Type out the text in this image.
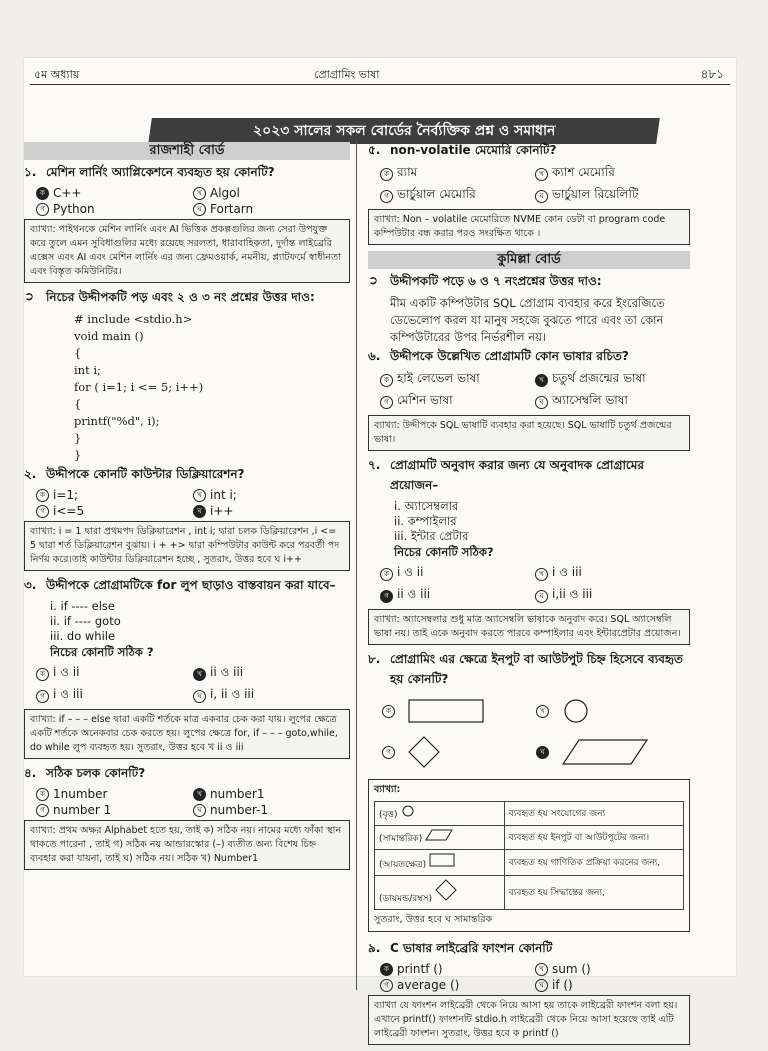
৫ম অধ্যায়	প্রোগ্রামিং ভাষা	৪৮১
২০২৩ সালের সকল বোর্ডের নৈর্ব্যক্তিক প্রশ্ন ও সমাধান
রাজশাহী বোর্ড
১. মেশিন লার্নিং অ্যাপ্লিকেশনে ব্যবহৃত হয় কোনটি?
ক C++	খ Algol
গ Python	ঘ Fortarn
ব্যাখ্যা: পাইথনকে মেশিন লার্নিং এবং AI ভিত্তিক প্রকল্পগুলির জন্য সেরা উপযুক্ত করে তুলে এমন সুবিধাগুলির মধ্যে রয়েছে সরলতা, ধারাবাহিকতা, দুর্দান্ত লাইব্রেরি এক্সেস এবং AI এবং মেশিন লার্নিং এর জন্য ফ্রেমওয়ার্ক, নমনীয়, প্ল্যাটফর্মে স্বাধীনতা এবং বিস্তৃত কমিউনিটির।
➲ নিচের উদ্দীপকটি পড় এবং ২ ও ৩ নং প্রশ্নের উত্তর দাও:
# include <stdio.h>
void main ()
{
int i;
for ( i=1; i <= 5; i++)
{
printf("%d", i);
}
}
২. উদ্দীপকে কোনটি কাউন্টার ডিক্লিয়ারেশন?
ক i=1;	খ int i;
গ i<=5	ঘ i++
ব্যাখ্যা: i = 1 দ্বারা প্রথমপদ ডিক্লিয়ারেশন , int i; দ্বারা চলক ডিক্লিয়ারেশন ,i <= 5 দ্বারা শর্ত ডিক্লিয়ারেশন বুঝায়। i + +> দ্বারা কম্পিউটার কাউন্ট করে পরবর্তী পদ নির্ণয় করে।তাই কাউন্টার ডিক্লিয়ারেশন হচ্ছে , সুতরাং, উত্তর হবে ঘ i++
৩. উদ্দীপকে প্রোগ্রামটিকে for লুপ ছাড়াও বাস্তবায়ন করা যাবে–
i. if ---- else
ii. if ---- goto
iii. do while
নিচের কোনটি সঠিক ?
ক i ও ii	খ ii ও iii
গ i ও iii	ঘ i, ii ও iii
ব্যাখ্যা: if – – – else দ্বারা একটি শর্তকে মাত্র একবার চেক করা যায়। লুপের ক্ষেত্রে একটি শর্তকে অনেকবার চেক করতে হয়। লুপের ক্ষেত্রে for, if – – – goto,while, do while লুপ ব্যবহৃত হয়। সুতরাং, উত্তর হবে খ ii ও iii
৪. সঠিক চলক কোনটি?
ক 1number	খ number1
গ number 1	ঘ number-1
ব্যাখ্যা: প্রথম অক্ষর Alphabet হতে হয়, তাই ক) সঠিক নয়। নামের মধ্যে ফাঁকা স্থান থাকতে পারেনা , তাই গ) সঠিক নয় আন্ডারস্কোর (–) ব্যতীত অন্য বিশেষ চিহ্ন ব্যবহার করা যায়না, তাই ঘ) সঠিক নয়। সঠিক খ) Number1
৫. non-volatile মেমোরি কোনটি?
ক র‍্যাম	খ ক্যাশ মেমোরি
গ ভার্চুয়াল মেমোরি	ঘ ভার্চুয়াল রিয়েলিটি
ব্যাখ্যা: Non – volatile মেমোরিতে NVME কোন ডেটা বা program code কম্পিউটার বন্ধ করার পরও সংরক্ষিত থাকে ।
কুমিল্লা বোর্ড
➲ উদ্দীপকটি পড়ে ৬ ও ৭ নংপ্রশ্নের উত্তর দাও:
মীম একটি কম্পিউটার SQL প্রোগ্রাম ব্যবহার করে ইংরেজিতে ডেভেলোপ করল যা মানুষ সহজে বুঝতে পারে এবং তা কোন কম্পিউটারের উপর নির্ভরশীল নয়।
৬. উদ্দীপকে উল্লেখিত প্রোগ্রামটি কোন ভাষার রচিত?
ক হাই লেভেল ভাষা	খ চতুর্থ প্রজন্মের ভাষা
গ মেশিন ভাষা	ঘ অ্যাসেম্বলি ভাষা
ব্যাখ্যা: উদ্দীপকে SQL ভাষাটি ব্যবহার করা হয়েছে। SQL ভাষাটি চতুর্থ প্রজন্মের ভাষা।
৭. প্রোগ্রামটি অনুবাদ করার জন্য যে অনুবাদক প্রোগ্রামের প্রয়োজন–
i. অ্যাসেম্বলার
ii. কম্পাইলার
iii. ইন্টার প্রেটার
নিচের কোনটি সঠিক?
ক i ও ii	খ i ও iii
গ ii ও iii	ঘ i,ii ও iii
ব্যাখ্যা: অ্যাসেম্বলার শুধু মাত্র অ্যাসেম্বলি ভাষাকে অনুবাদ করে। SQL অ্যাসেম্বলি ভাষা নয়। তাই একে অনুবাদ করতে পারবে কম্পাইলার এবং ইন্টারপ্রেটার প্রয়োজন।
৮. প্রোগ্রামিং এর ক্ষেত্রে ইনপুট বা আউটপুট চিহ্ন হিসেবে ব্যবহৃত হয় কোনটি?
ক	খ
গ	ঘ
ব্যাখ্যা:
(বৃত্ত)	ব্যবহৃত হয় সংযোগের জন্য
(সামান্তরিক)	ব্যবহৃত হয় ইনপুট বা আউটপুটের জন্য।
(আয়তক্ষেত্র)	ব্যবহৃত হয় গাণিতিক প্রক্রিয়া করনের জন্য,
(ডায়মন্ড/রম্বস)	ব্যবহৃত হয় সিদ্ধান্তের জন্য,
সুতরাং, উত্তর হবে ঘ সামান্তরিক
৯. C ভাষার লাইব্রেরি ফাংশন কোনটি
ক printf ()	খ sum ()
গ average ()	ঘ if ()
ব্যাখ্যা যে ফাংশন লাইব্রেরী থেকে নিয়ে আসা হয় তাকে লাইব্রেরী ফাংশন বলা হয়। এখানে printf() ফাংশনটি stdio.h লাইব্রেরী থেকে নিয়ে আসা হয়েছে তাই এটি লাইব্রেরী ফাংশন। সুতরাং, উত্তর হবে ক printf ()
